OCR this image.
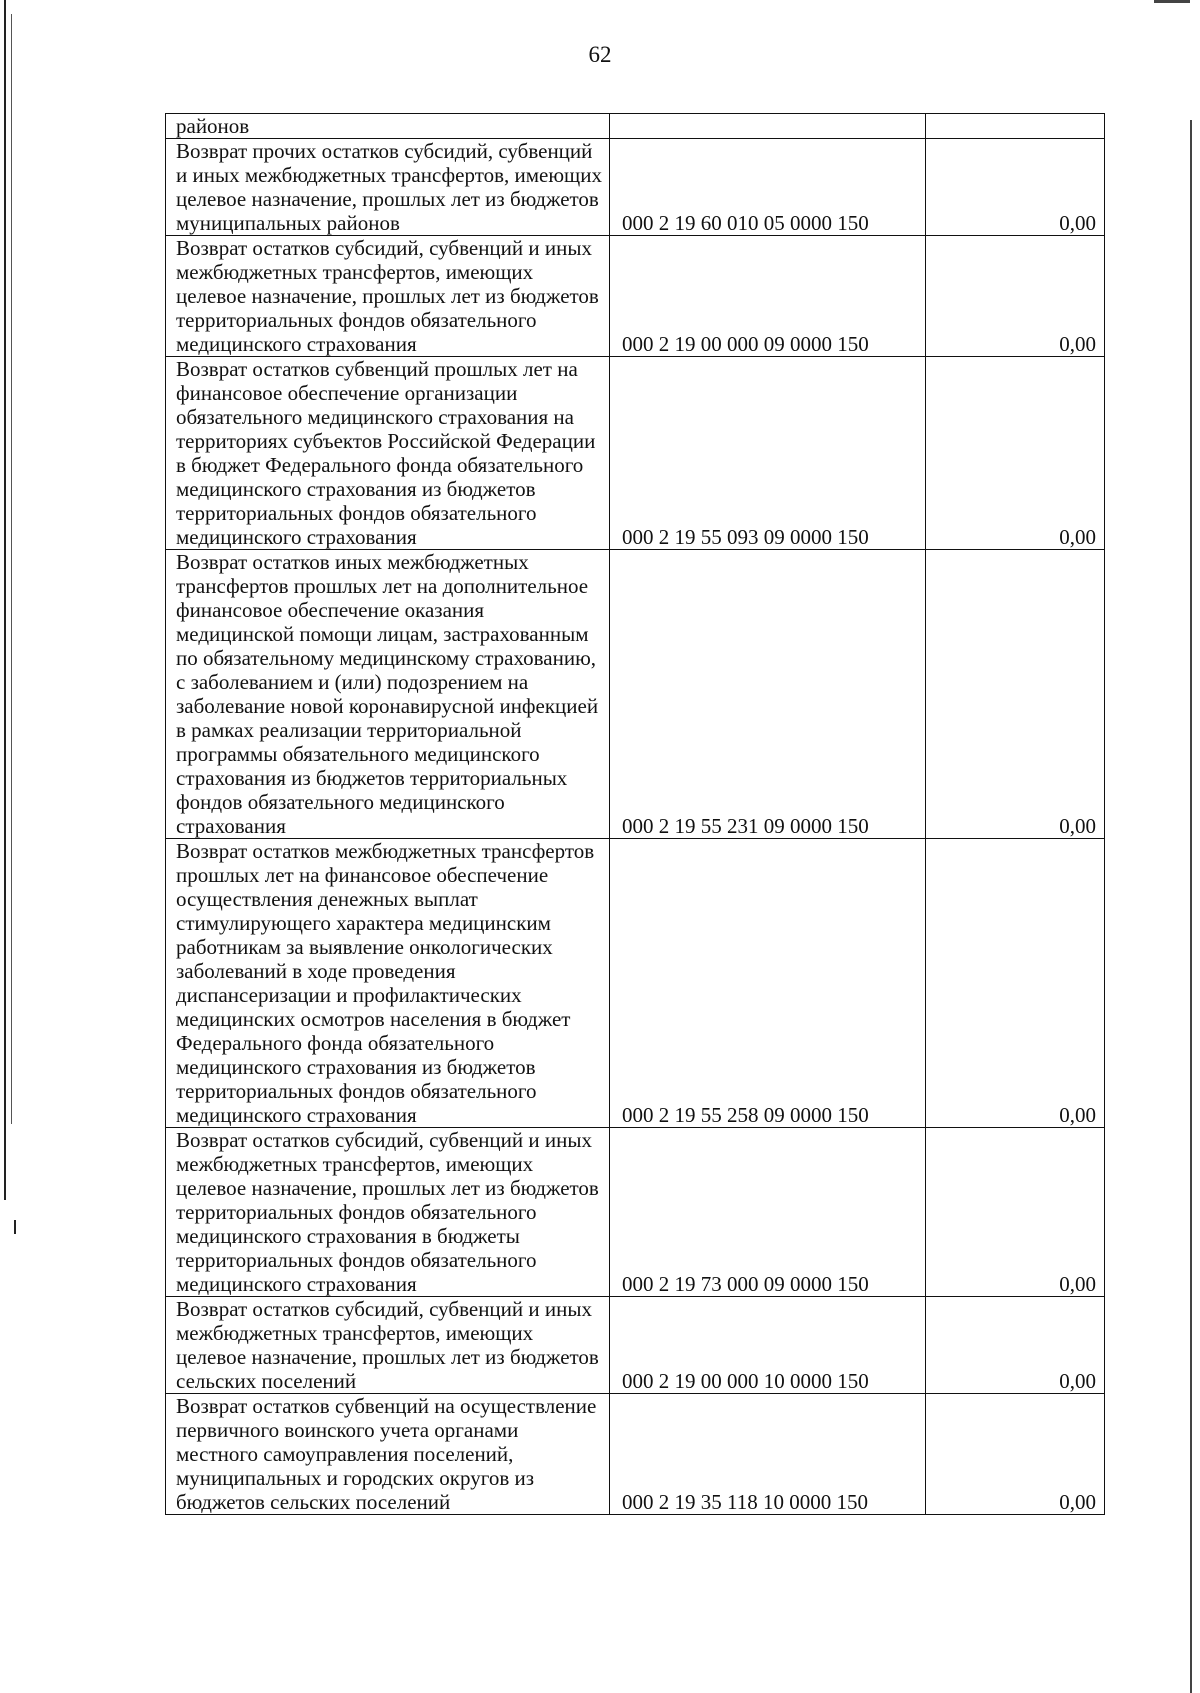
62
районов		
Возврат прочих остатков субсидий, субвенций и иных межбюджетных трансфертов, имеющих целевое назначение, прошлых лет из бюджетов муниципальных районов	000 2 19 60 010 05 0000 150	0,00
Возврат остатков субсидий, субвенций и иных межбюджетных трансфертов, имеющих целевое назначение, прошлых лет из бюджетов территориальных фондов обязательного медицинского страхования	000 2 19 00 000 09 0000 150	0,00
Возврат остатков субвенций прошлых лет на финансовое обеспечение организации обязательного медицинского страхования на территориях субъектов Российской Федерации в бюджет Федерального фонда обязательного медицинского страхования из бюджетов территориальных фондов обязательного медицинского страхования	000 2 19 55 093 09 0000 150	0,00
Возврат остатков иных межбюджетных трансфертов прошлых лет на дополнительное финансовое обеспечение оказания медицинской помощи лицам, застрахованным по обязательному медицинскому страхованию, с заболеванием и (или) подозрением на заболевание новой коронавирусной инфекцией в рамках реализации территориальной программы обязательного медицинского страхования из бюджетов территориальных фондов обязательного медицинского страхования	000 2 19 55 231 09 0000 150	0,00
Возврат остатков межбюджетных трансфертов прошлых лет на финансовое обеспечение осуществления денежных выплат стимулирующего характера медицинским работникам за выявление онкологических заболеваний в ходе проведения диспансеризации и профилактических медицинских осмотров населения в бюджет Федерального фонда обязательного медицинского страхования из бюджетов территориальных фондов обязательного медицинского страхования	000 2 19 55 258 09 0000 150	0,00
Возврат остатков субсидий, субвенций и иных межбюджетных трансфертов, имеющих целевое назначение, прошлых лет из бюджетов территориальных фондов обязательного медицинского страхования в бюджеты территориальных фондов обязательного медицинского страхования	000 2 19 73 000 09 0000 150	0,00
Возврат остатков субсидий, субвенций и иных межбюджетных трансфертов, имеющих целевое назначение, прошлых лет из бюджетов сельских поселений	000 2 19 00 000 10 0000 150	0,00
Возврат остатков субвенций на осуществление первичного воинского учета органами местного самоуправления поселений, муниципальных и городских округов из бюджетов сельских поселений	000 2 19 35 118 10 0000 150	0,00
